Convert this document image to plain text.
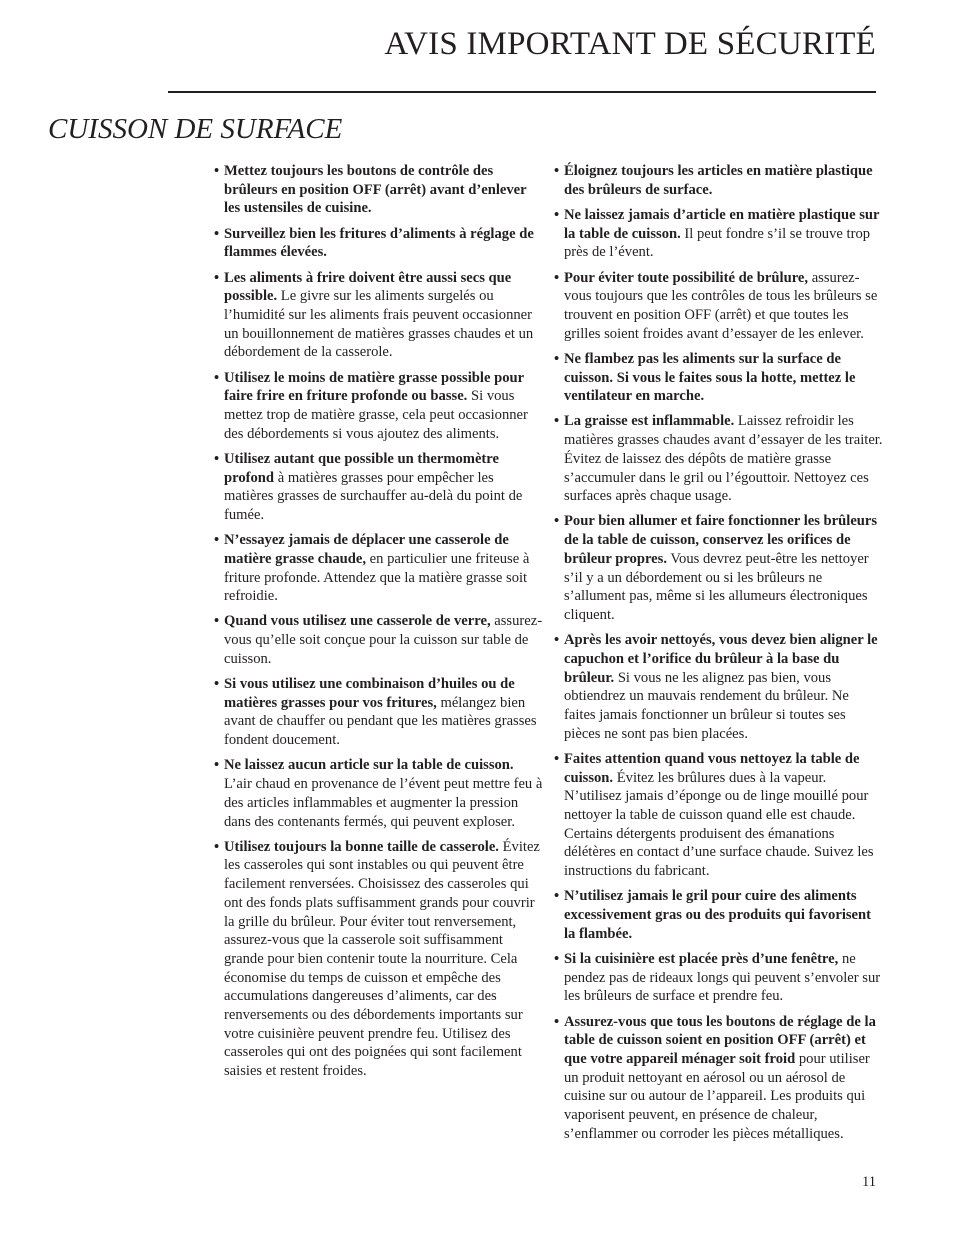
AVIS IMPORTANT DE SÉCURITÉ
CUISSON DE SURFACE
• Mettez toujours les boutons de contrôle des brûleurs en position OFF (arrêt) avant d’enlever les ustensiles de cuisine.
• Surveillez bien les fritures d’aliments à réglage de flammes élevées.
• Les aliments à frire doivent être aussi secs que possible. Le givre sur les aliments surgelés ou l’humidité sur les aliments frais peuvent occasionner un bouillonnement de matières grasses chaudes et un débordement de la casserole.
• Utilisez le moins de matière grasse possible pour faire frire en friture profonde ou basse. Si vous mettez trop de matière grasse, cela peut occasionner des débordements si vous ajoutez des aliments.
• Utilisez autant que possible un thermomètre profond à matières grasses pour empêcher les matières grasses de surchauffer au-delà du point de fumée.
• N’essayez jamais de déplacer une casserole de matière grasse chaude, en particulier une friteuse à friture profonde. Attendez que la matière grasse soit refroidie.
• Quand vous utilisez une casserole de verre, assurez-vous qu’elle soit conçue pour la cuisson sur table de cuisson.
• Si vous utilisez une combinaison d’huiles ou de matières grasses pour vos fritures, mélangez bien avant de chauffer ou pendant que les matières grasses fondent doucement.
• Ne laissez aucun article sur la table de cuisson. L’air chaud en provenance de l’évent peut mettre feu à des articles inflammables et augmenter la pression dans des contenants fermés, qui peuvent exploser.
• Utilisez toujours la bonne taille de casserole. Évitez les casseroles qui sont instables ou qui peuvent être facilement renversées. Choisissez des casseroles qui ont des fonds plats suffisamment grands pour couvrir la grille du brûleur. Pour éviter tout renversement, assurez-vous que la casserole soit suffisamment grande pour bien contenir toute la nourriture. Cela économise du temps de cuisson et empêche des accumulations dangereuses d’aliments, car des renversements ou des débordements importants sur votre cuisinière peuvent prendre feu. Utilisez des casseroles qui ont des poignées qui sont facilement saisies et restent froides.
• Éloignez toujours les articles en matière plastique des brûleurs de surface.
• Ne laissez jamais d’article en matière plastique sur la table de cuisson. Il peut fondre s’il se trouve trop près de l’évent.
• Pour éviter toute possibilité de brûlure, assurez-vous toujours que les contrôles de tous les brûleurs se trouvent en position OFF (arrêt) et que toutes les grilles soient froides avant d’essayer de les enlever.
• Ne flambez pas les aliments sur la surface de cuisson. Si vous le faites sous la hotte, mettez le ventilateur en marche.
• La graisse est inflammable. Laissez refroidir les matières grasses chaudes avant d’essayer de les traiter. Évitez de laissez des dépôts de matière grasse s’accumuler dans le gril ou l’égouttoir. Nettoyez ces surfaces après chaque usage.
• Pour bien allumer et faire fonctionner les brûleurs de la table de cuisson, conservez les orifices de brûleur propres. Vous devrez peut-être les nettoyer s’il y a un débordement ou si les brûleurs ne s’allument pas, même si les allumeurs électroniques cliquent.
• Après les avoir nettoyés, vous devez bien aligner le capuchon et l’orifice du brûleur à la base du brûleur. Si vous ne les alignez pas bien, vous obtiendrez un mauvais rendement du brûleur. Ne faites jamais fonctionner un brûleur si toutes ses pièces ne sont pas bien placées.
• Faites attention quand vous nettoyez la table de cuisson. Évitez les brûlures dues à la vapeur. N’utilisez jamais d’éponge ou de linge mouillé pour nettoyer la table de cuisson quand elle est chaude. Certains détergents produisent des émanations délétères en contact d’une surface chaude. Suivez les instructions du fabricant.
• N’utilisez jamais le gril pour cuire des aliments excessivement gras ou des produits qui favorisent la flambée.
• Si la cuisinière est placée près d’une fenêtre, ne pendez pas de rideaux longs qui peuvent s’envoler sur les brûleurs de surface et prendre feu.
• Assurez-vous que tous les boutons de réglage de la table de cuisson soient en position OFF (arrêt) et que votre appareil ménager soit froid pour utiliser un produit nettoyant en aérosol ou un aérosol de cuisine sur ou autour de l’appareil. Les produits qui vaporisent peuvent, en présence de chaleur, s’enflammer ou corroder les pièces métalliques.
11
